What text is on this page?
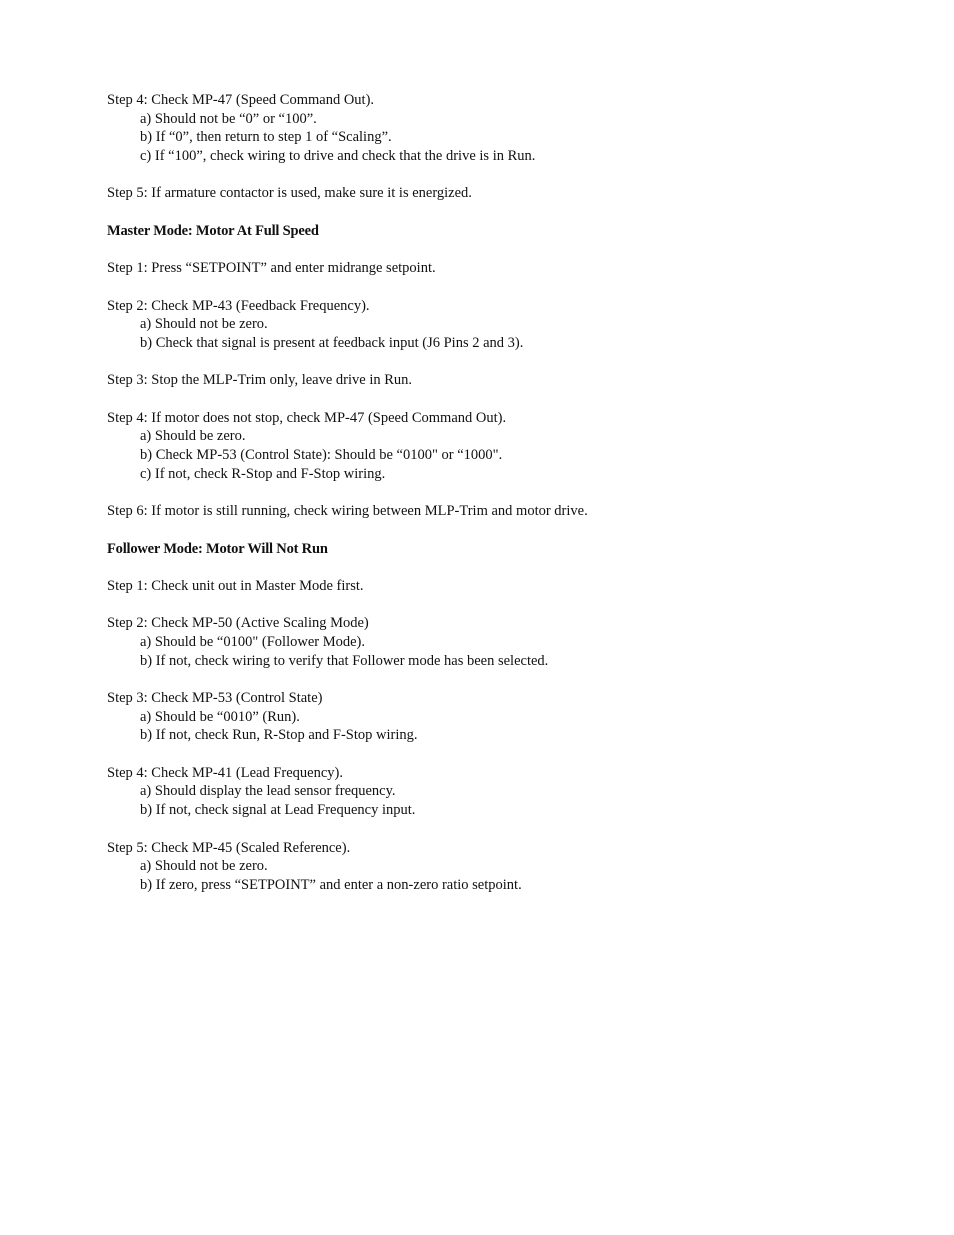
Step 4: Check MP-47 (Speed Command Out).
a) Should not be “0” or “100”.
b) If “0”, then return to step 1 of “Scaling”.
c) If “100”, check wiring to drive and check that the drive is in Run.
Step 5: If armature contactor is used, make sure it is energized.
Master Mode: Motor At Full Speed
Step 1: Press “SETPOINT” and enter midrange setpoint.
Step 2: Check MP-43 (Feedback Frequency).
a) Should not be zero.
b) Check that signal is present at feedback input (J6 Pins 2 and 3).
Step 3: Stop the MLP-Trim only, leave drive in Run.
Step 4: If motor does not stop, check MP-47 (Speed Command Out).
a) Should be zero.
b) Check MP-53 (Control State): Should be “0100" or “1000".
c) If not, check R-Stop and F-Stop wiring.
Step 6: If motor is still running, check wiring between MLP-Trim and motor drive.
Follower Mode: Motor Will Not Run
Step 1: Check unit out in Master Mode first.
Step 2: Check MP-50 (Active Scaling Mode)
a) Should be “0100" (Follower Mode).
b) If not, check wiring to verify that Follower mode has been selected.
Step 3: Check MP-53 (Control State)
a) Should be “0010” (Run).
b) If not, check Run, R-Stop and F-Stop wiring.
Step 4: Check MP-41 (Lead Frequency).
a) Should display the lead sensor frequency.
b) If not, check signal at Lead Frequency input.
Step 5: Check MP-45 (Scaled Reference).
a) Should not be zero.
b) If zero, press “SETPOINT” and enter a non-zero ratio setpoint.
